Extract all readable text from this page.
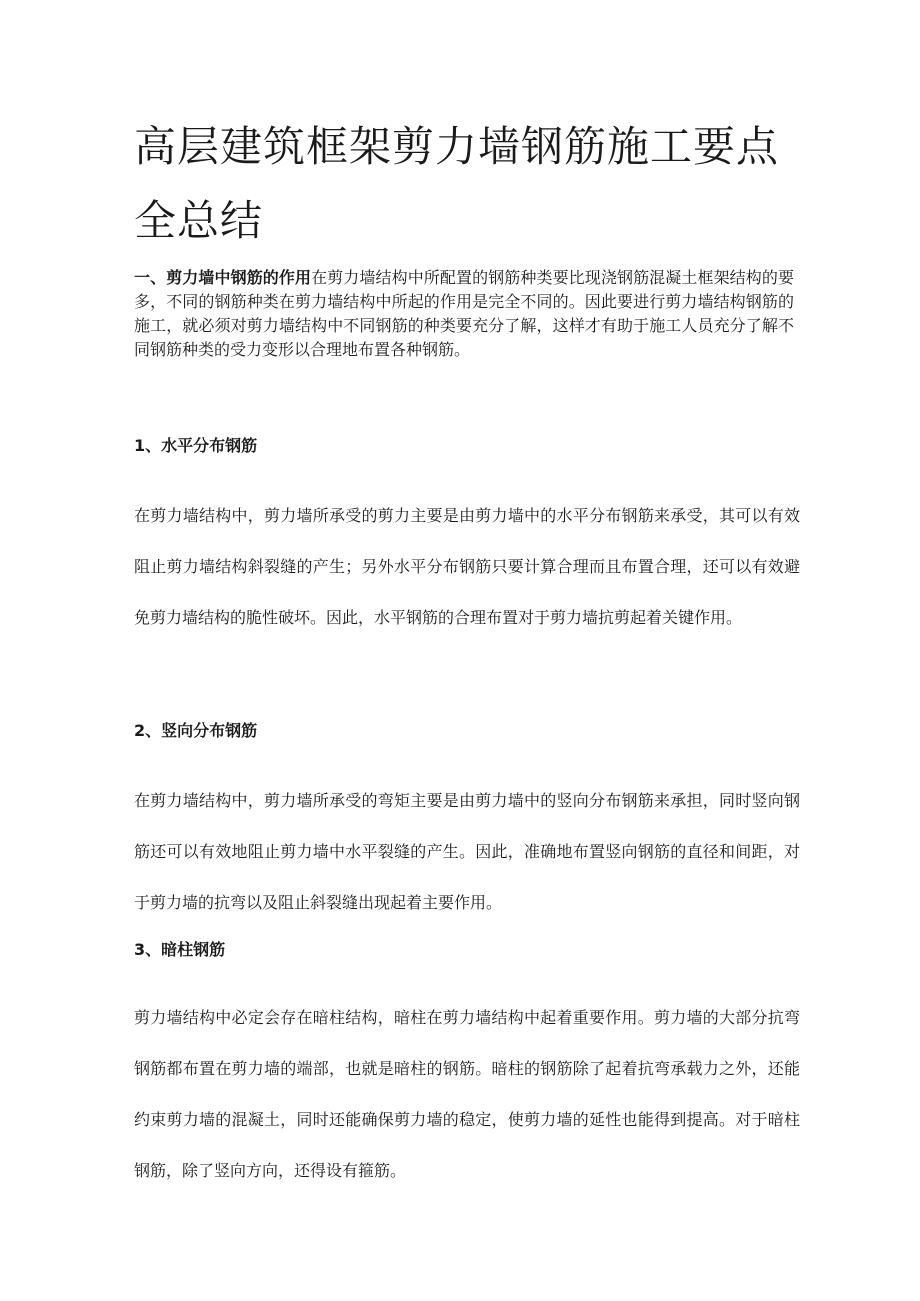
高层建筑框架剪力墙钢筋施工要点全总结

一、剪力墙中钢筋的作用在剪力墙结构中所配置的钢筋种类要比现浇钢筋混凝土框架结构的要多，不同的钢筋种类在剪力墙结构中所起的作用是完全不同的。因此要进行剪力墙结构钢筋的施工，就必须对剪力墙结构中不同钢筋的种类要充分了解，这样才有助于施工人员充分了解不同钢筋种类的受力变形以合理地布置各种钢筋。

1、水平分布钢筋

在剪力墙结构中，剪力墙所承受的剪力主要是由剪力墙中的水平分布钢筋来承受，其可以有效阻止剪力墙结构斜裂缝的产生；另外水平分布钢筋只要计算合理而且布置合理，还可以有效避免剪力墙结构的脆性破坏。因此，水平钢筋的合理布置对于剪力墙抗剪起着关键作用。

2、竖向分布钢筋

在剪力墙结构中，剪力墙所承受的弯矩主要是由剪力墙中的竖向分布钢筋来承担，同时竖向钢筋还可以有效地阻止剪力墙中水平裂缝的产生。因此，准确地布置竖向钢筋的直径和间距，对于剪力墙的抗弯以及阻止斜裂缝出现起着主要作用。

3、暗柱钢筋

剪力墙结构中必定会存在暗柱结构，暗柱在剪力墙结构中起着重要作用。剪力墙的大部分抗弯钢筋都布置在剪力墙的端部，也就是暗柱的钢筋。暗柱的钢筋除了起着抗弯承载力之外，还能约束剪力墙的混凝土，同时还能确保剪力墙的稳定，使剪力墙的延性也能得到提高。对于暗柱钢筋，除了竖向方向，还得设有箍筋。
